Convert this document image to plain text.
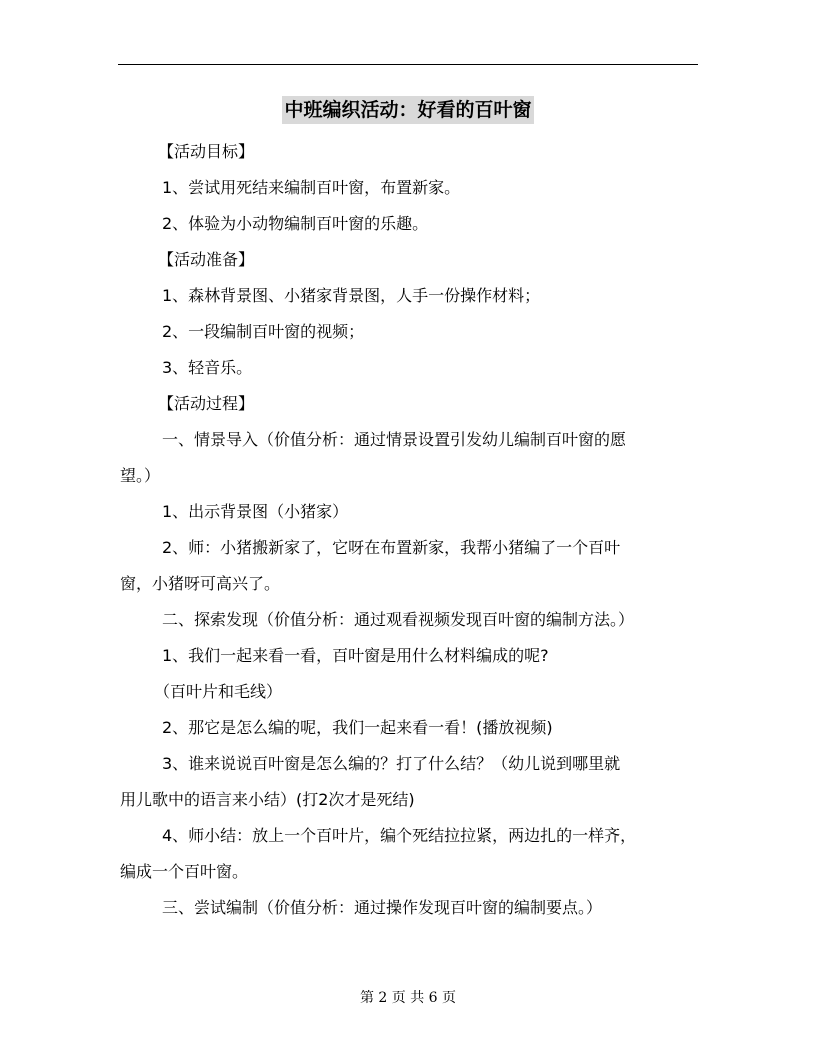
中班编织活动：好看的百叶窗

【活动目标】

1、尝试用死结来编制百叶窗，布置新家。

2、体验为小动物编制百叶窗的乐趣。

【活动准备】

1、森林背景图、小猪家背景图，人手一份操作材料；

2、一段编制百叶窗的视频；

3、轻音乐。

【活动过程】

一、情景导入（价值分析：通过情景设置引发幼儿编制百叶窗的愿

望。）

1、出示背景图（小猪家）

2、师：小猪搬新家了，它呀在布置新家，我帮小猪编了一个百叶

窗，小猪呀可高兴了。

二、探索发现（价值分析：通过观看视频发现百叶窗的编制方法。）

1、我们一起来看一看，百叶窗是用什么材料编成的呢?

（百叶片和毛线）

2、那它是怎么编的呢，我们一起来看一看！(播放视频)

3、谁来说说百叶窗是怎么编的？打了什么结？（幼儿说到哪里就

用儿歌中的语言来小结）(打2次才是死结)

4、师小结：放上一个百叶片，编个死结拉拉紧，两边扎的一样齐，

编成一个百叶窗。

三、尝试编制（价值分析：通过操作发现百叶窗的编制要点。）

第 2 页 共 6 页
